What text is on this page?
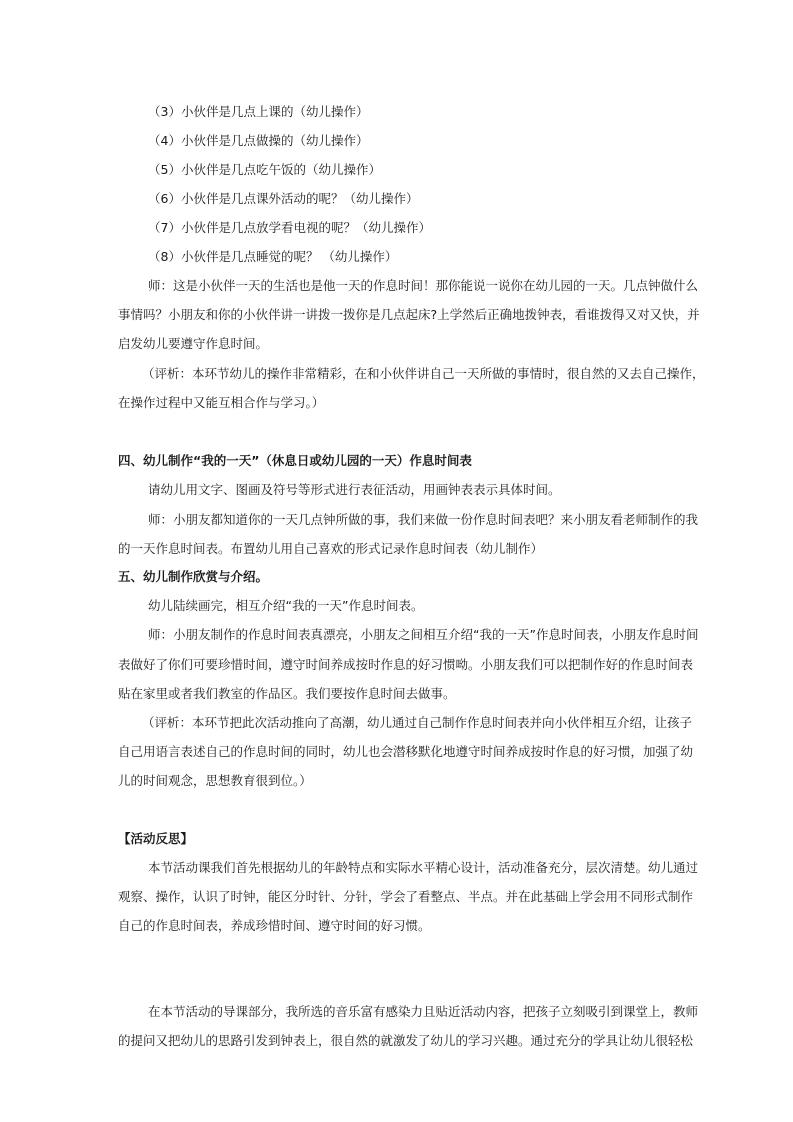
（3）小伙伴是几点上课的（幼儿操作）
（4）小伙伴是几点做操的（幼儿操作）
（5）小伙伴是几点吃午饭的（幼儿操作）
（6）小伙伴是几点课外活动的呢？（幼儿操作）
（7）小伙伴是几点放学看电视的呢？（幼儿操作）
（8）小伙伴是几点睡觉的呢？ （幼儿操作）
师：这是小伙伴一天的生活也是他一天的作息时间！那你能说一说你在幼儿园的一天。几点钟做什么
事情吗？小朋友和你的小伙伴讲一讲拨一拨你是几点起床?上学然后正确地拨钟表，看谁拨得又对又快，并
启发幼儿要遵守作息时间。
（评析：本环节幼儿的操作非常精彩，在和小伙伴讲自己一天所做的事情时，很自然的又去自己操作，
在操作过程中又能互相合作与学习。）
四、幼儿制作“我的一天”（休息日或幼儿园的一天）作息时间表
请幼儿用文字、图画及符号等形式进行表征活动，用画钟表表示具体时间。
师：小朋友都知道你的一天几点钟所做的事，我们来做一份作息时间表吧？来小朋友看老师制作的我
的一天作息时间表。布置幼儿用自己喜欢的形式记录作息时间表（幼儿制作）
五、幼儿制作欣赏与介绍。
幼儿陆续画完，相互介绍“我的一天”作息时间表。
师：小朋友制作的作息时间表真漂亮，小朋友之间相互介绍“我的一天”作息时间表，小朋友作息时间
表做好了你们可要珍惜时间，遵守时间养成按时作息的好习惯呦。小朋友我们可以把制作好的作息时间表
贴在家里或者我们教室的作品区。我们要按作息时间去做事。
（评析：本环节把此次活动推向了高潮，幼儿通过自己制作作息时间表并向小伙伴相互介绍，让孩子
自己用语言表述自己的作息时间的同时，幼儿也会潜移默化地遵守时间养成按时作息的好习惯，加强了幼
儿的时间观念，思想教育很到位。）
【活动反思】
本节活动课我们首先根据幼儿的年龄特点和实际水平精心设计，活动准备充分，层次清楚。幼儿通过
观察、操作，认识了时钟，能区分时针、分针，学会了看整点、半点。并在此基础上学会用不同形式制作
自己的作息时间表，养成珍惜时间、遵守时间的好习惯。
在本节活动的导课部分，我所选的音乐富有感染力且贴近活动内容，把孩子立刻吸引到课堂上，教师
的提问又把幼儿的思路引发到钟表上，很自然的就激发了幼儿的学习兴趣。通过充分的学具让幼儿很轻松
